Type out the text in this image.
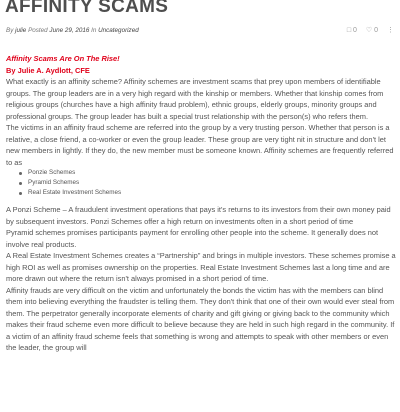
AFFINITY SCAMS
By julie Posted June 29, 2016 In Uncategorized	□ 0 ♡ 0 ⋮

Affinity Scams Are On The Rise!

By Julie A. Aydlott, CFE

What exactly is an affinity scheme? Affinity schemes are investment scams that prey upon members of identifiable groups. The group leaders are in a very high regard with the kinship or members. Whether that kinship comes from religious groups (churches have a high affinity fraud problem), ethnic groups, elderly groups, minority groups and professional groups. The group leader has built a special trust relationship with the person(s) who refers them.

The victims in an affinity fraud scheme are referred into the group by a very trusting person. Whether that person is a relative, a close friend, a co-worker or even the group leader. These group are very tight nit in structure and don't let new members in lightly. If they do, the new member must be someone known. Affinity schemes are frequently referred to as

Ponzie Schemes
Pyramid Schemes
Real Estate Investment Schemes

A Ponzi Scheme – A fraudulent investment operations that pays it's returns to its investors from their own money paid by subsequent investors. Ponzi Schemes offer a high return on investments often in a short period of time

Pyramid schemes promises participants payment for enrolling other people into the scheme. It generally does not involve real products.

A Real Estate Investment Schemes creates a “Partnership” and brings in multiple investors. These schemes promise a high ROI as well as promises ownership on the properties. Real Estate Investment Schemes last a long time and are more drawn out where the return isn't always promised in a short period of time.

Affinity frauds are very difficult on the victim and unfortunately the bonds the victim has with the members can blind them into believing everything the fraudster is telling them. They don't think that one of their own would ever steal from them. The perpetrator generally incorporate elements of charity and gift giving or giving back to the community which makes their fraud scheme even more difficult to believe because they are held in such high regard in the community. If a victim of an affinity fraud scheme feels that something is wrong and attempts to speak with other members or even the leader, the group will
